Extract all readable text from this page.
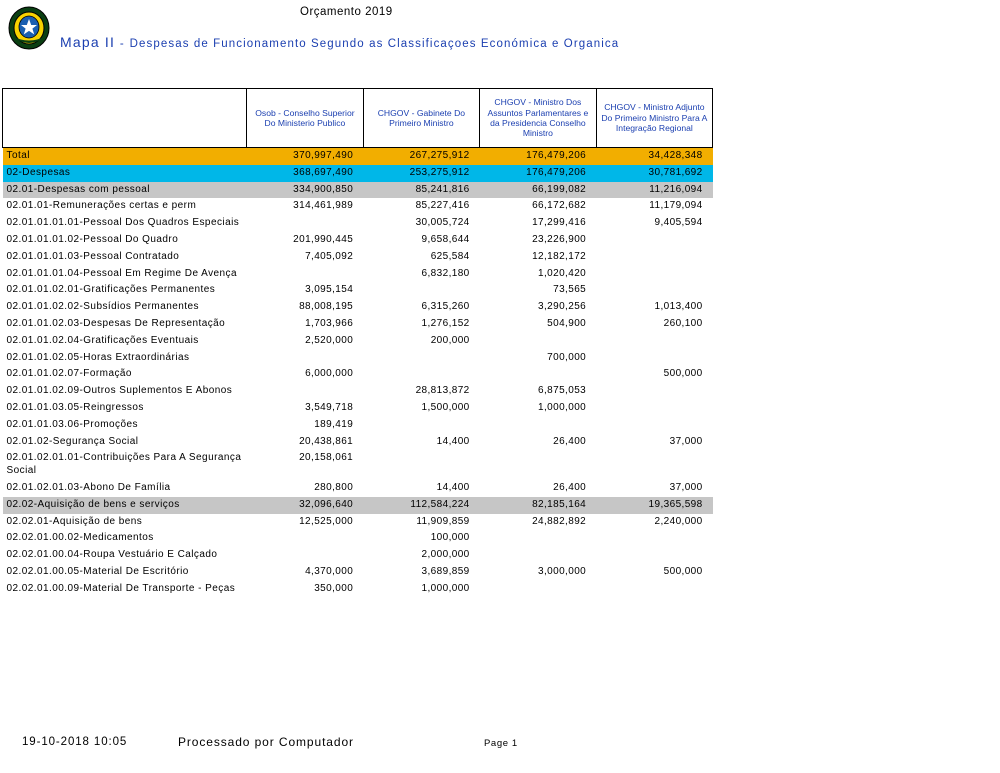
Orçamento 2019
Mapa II - Despesas de Funcionamento Segundo as Classificaçoes Económica e Organica
	Osob - Conselho Superior Do Ministerio Publico	CHGOV - Gabinete Do Primeiro Ministro	CHGOV - Ministro Dos Assuntos Parlamentares e da Presidencia Conselho Ministro	CHGOV - Ministro Adjunto Do Primeiro Ministro Para A Integração Regional	
Total	370,997,490	267,275,912	176,479,206	34,428,348	
02-Despesas	368,697,490	253,275,912	176,479,206	30,781,692	
02.01-Despesas com pessoal	334,900,850	85,241,816	66,199,082	11,216,094	
02.01.01-Remunerações certas e perm	314,461,989	85,227,416	66,172,682	11,179,094	
02.01.01.01.01-Pessoal Dos Quadros Especiais		30,005,724	17,299,416	9,405,594	
02.01.01.01.02-Pessoal Do Quadro	201,990,445	9,658,644	23,226,900		
02.01.01.01.03-Pessoal Contratado	7,405,092	625,584	12,182,172		
02.01.01.01.04-Pessoal Em Regime De Avença		6,832,180	1,020,420		
02.01.01.02.01-Gratificações Permanentes	3,095,154		73,565		
02.01.01.02.02-Subsídios Permanentes	88,008,195	6,315,260	3,290,256	1,013,400	
02.01.01.02.03-Despesas De Representação	1,703,966	1,276,152	504,900	260,100	
02.01.01.02.04-Gratificações Eventuais	2,520,000	200,000			
02.01.01.02.05-Horas Extraordinárias			700,000		
02.01.01.02.07-Formação	6,000,000			500,000	
02.01.01.02.09-Outros Suplementos E Abonos		28,813,872	6,875,053		
02.01.01.03.05-Reingressos	3,549,718	1,500,000	1,000,000		
02.01.01.03.06-Promoções	189,419				
02.01.02-Segurança Social	20,438,861	14,400	26,400	37,000	
02.01.02.01.01-Contribuições Para A Segurança Social	20,158,061				
02.01.02.01.03-Abono De Família	280,800	14,400	26,400	37,000	
02.02-Aquisição de bens e serviços	32,096,640	112,584,224	82,185,164	19,365,598	
02.02.01-Aquisição de bens	12,525,000	11,909,859	24,882,892	2,240,000	
02.02.01.00.02-Medicamentos		100,000			
02.02.01.00.04-Roupa Vestuário E Calçado		2,000,000			
02.02.01.00.05-Material De Escritório	4,370,000	3,689,859	3,000,000	500,000	
02.02.01.00.09-Material De Transporte - Peças	350,000	1,000,000			
19-10-2018 10:05	Processado por Computador	Page 1
